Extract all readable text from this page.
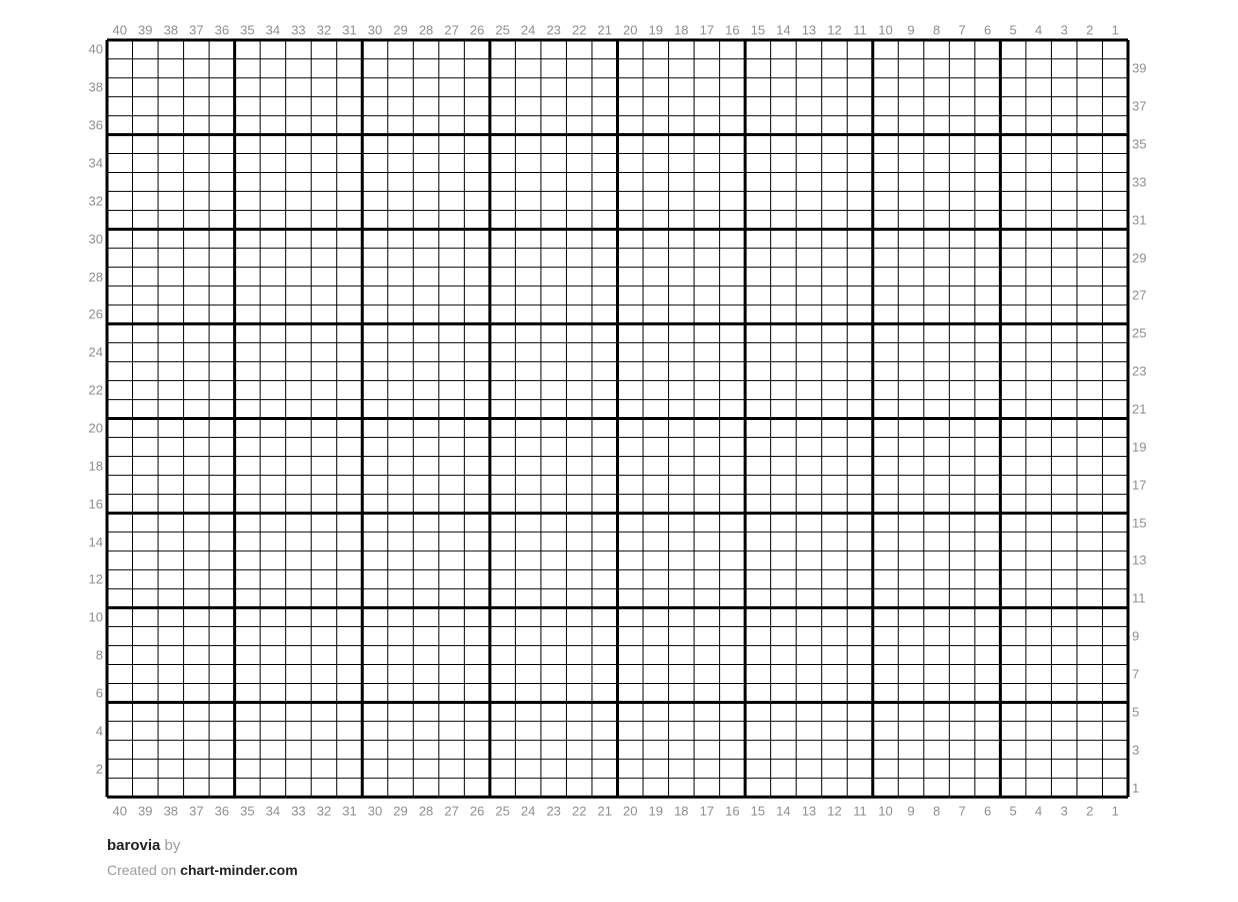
40 39 38 37 36 35 34 33 32 31 30 29 28 27 26 25 24 23 22 21 20 19 18 17 16 15 14 13 12 11 10 9 8 7 6 5 4 3 2 1
40 39 38 37 36 35 34 33 32 31 30 29 28 27 26 25 24 23 22 21 20 19 18 17 16 15 14 13 12 11 10 9 8 7 6 5 4 3 2 1
40
38
36
34
32
30
28
26
24
22
20
18
16
14
12
10
8
6
4
2
39
37
35
33
31
29
27
25
23
21
19
17
15
13
11
9
7
5
3
1
barovia by
Created on chart-minder.com
